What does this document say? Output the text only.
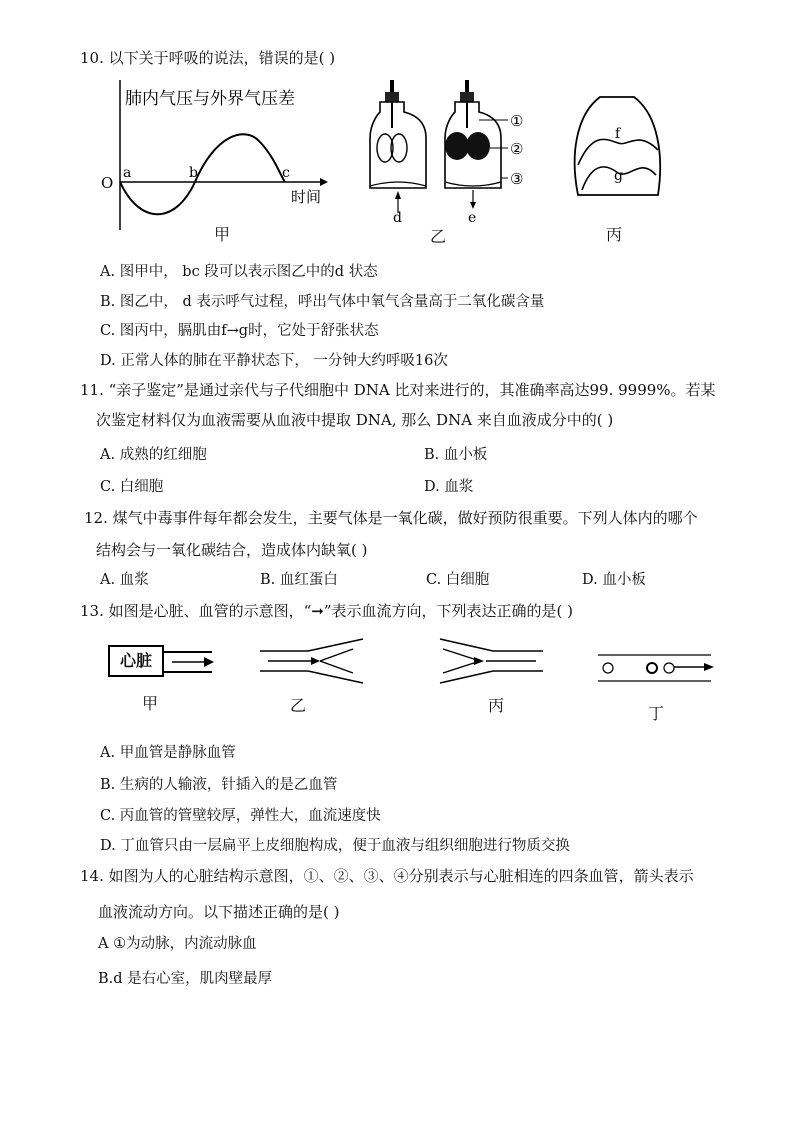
10. 以下关于呼吸的说法，错误的是( )
肺内气压与外界气压差
时间
O
a	b	c
①
②
③
d	e
f
g
甲	乙	丙
A. 图甲中， bc 段可以表示图乙中的d 状态
B. 图乙中， d 表示呼气过程，呼出气体中氧气含量高于二氧化碳含量
C. 图丙中，膈肌由f→g时，它处于舒张状态
D. 正常人体的肺在平静状态下， 一分钟大约呼吸16次
11. “亲子鉴定”是通过亲代与子代细胞中 DNA 比对来进行的，其准确率高达99. 9999%。若某
次鉴定材料仅为血液需要从血液中提取 DNA, 那么 DNA 来自血液成分中的( )
A. 成熟的红细胞	B. 血小板
C. 白细胞	D. 血浆
12. 煤气中毒事件每年都会发生，主要气体是一氧化碳，做好预防很重要。下列人体内的哪个
结构会与一氧化碳结合，造成体内缺氧( )
A. 血浆	B. 血红蛋白	C. 白细胞	D. 血小板
13. 如图是心脏、血管的示意图，“➞”表示血流方向，下列表达正确的是( )
心脏
甲	乙	丙	丁
A. 甲血管是静脉血管
B. 生病的人输液，针插入的是乙血管
C. 丙血管的管壁较厚，弹性大，血流速度快
D. 丁血管只由一层扁平上皮细胞构成，便于血液与组织细胞进行物质交换
14. 如图为人的心脏结构示意图，①、②、③、④分别表示与心脏相连的四条血管，箭头表示
血液流动方向。以下描述正确的是( )
A ①为动脉，内流动脉血
B.d 是右心室，肌肉壁最厚
